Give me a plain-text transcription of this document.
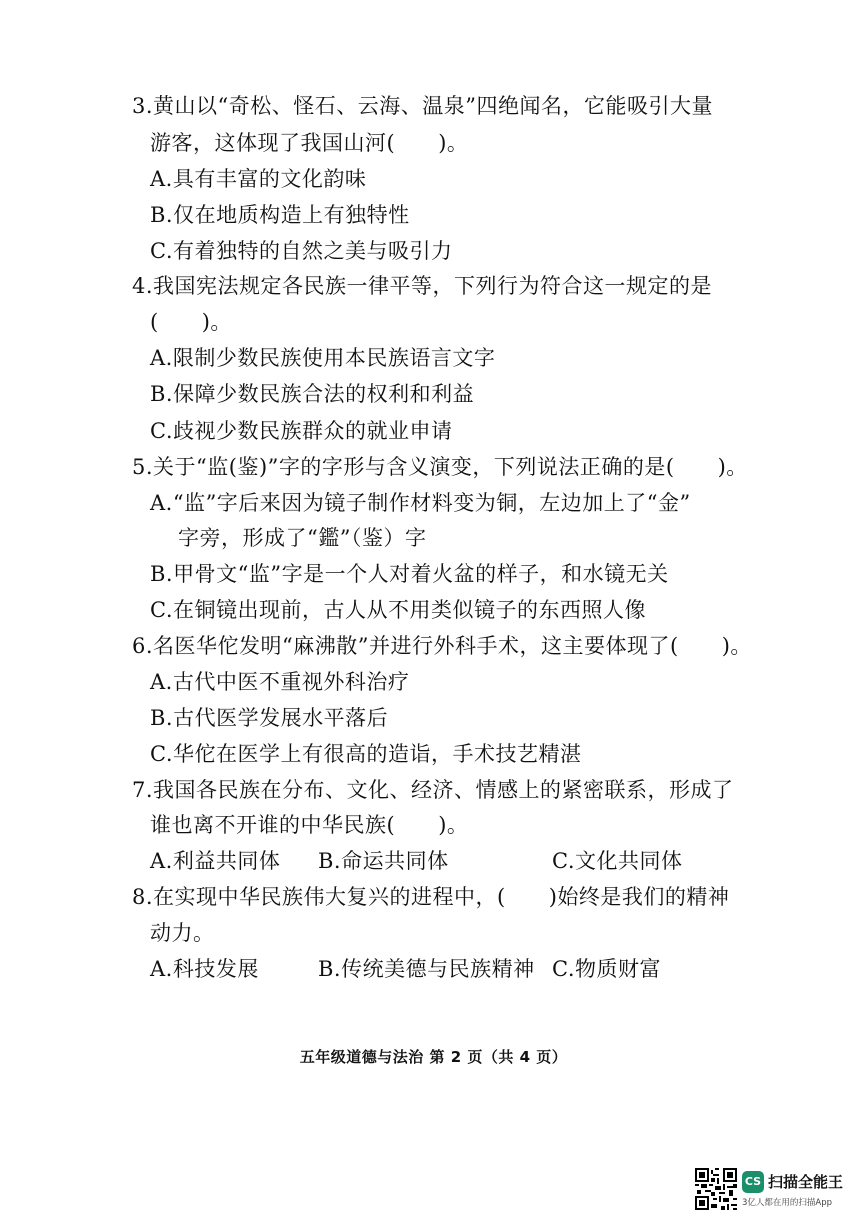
3.黄山以“奇松、怪石、云海、温泉”四绝闻名，它能吸引大量
游客，这体现了我国山河(　　)。
A.具有丰富的文化韵味
B.仅在地质构造上有独特性
C.有着独特的自然之美与吸引力
4.我国宪法规定各民族一律平等，下列行为符合这一规定的是
(　　)。
A.限制少数民族使用本民族语言文字
B.保障少数民族合法的权利和利益
C.歧视少数民族群众的就业申请
5.关于“监(鉴)”字的字形与含义演变，下列说法正确的是(　　)。
A.“监”字后来因为镜子制作材料变为铜，左边加上了“金”
字旁，形成了“鑑”（鉴）字
B.甲骨文“监”字是一个人对着火盆的样子，和水镜无关
C.在铜镜出现前，古人从不用类似镜子的东西照人像
6.名医华佗发明“麻沸散”并进行外科手术，这主要体现了(　　)。
A.古代中医不重视外科治疗
B.古代医学发展水平落后
C.华佗在医学上有很高的造诣，手术技艺精湛
7.我国各民族在分布、文化、经济、情感上的紧密联系，形成了
谁也离不开谁的中华民族(　　)。
A.利益共同体 B.命运共同体	C.文化共同体
8.在实现中华民族伟大复兴的进程中，(　　)始终是我们的精神
动力。
A.科技发展	B.传统美德与民族精神 C.物质财富
五年级道德与法治 第 2 页（共 4 页）
CS 扫描全能王
3亿人都在用的扫描App
